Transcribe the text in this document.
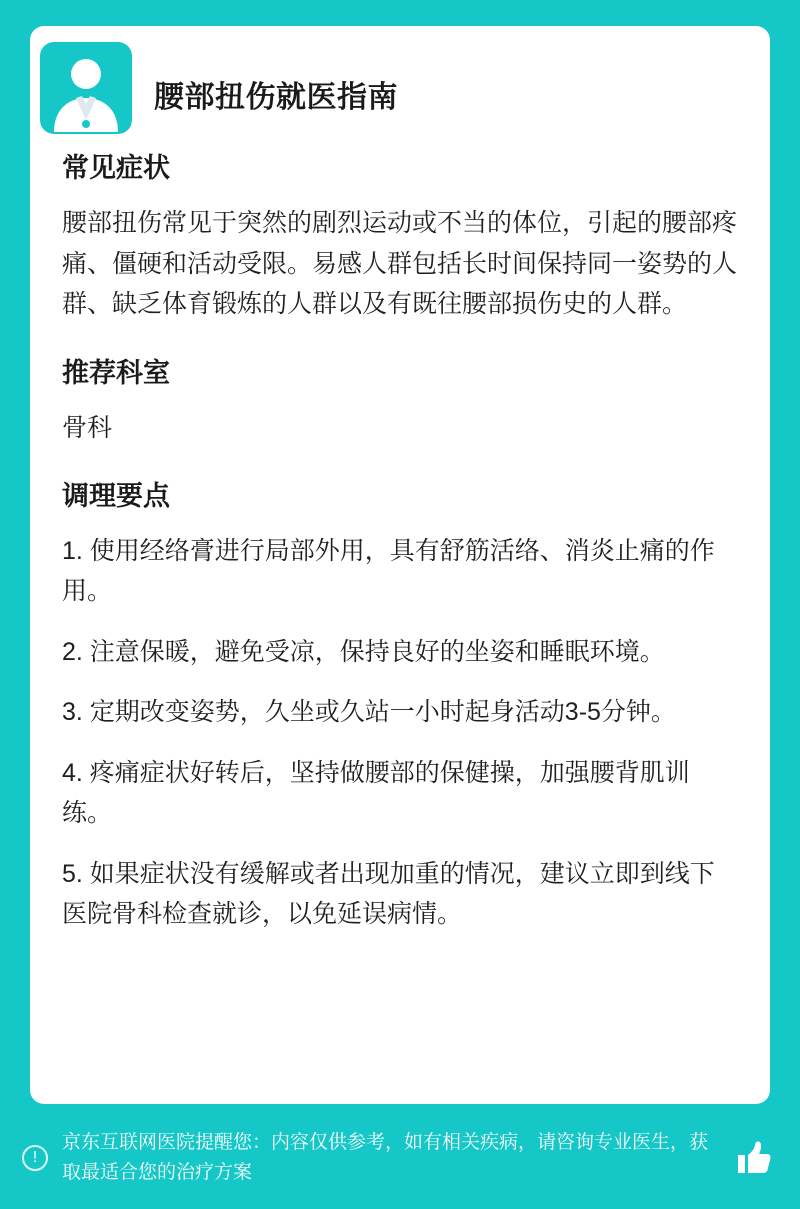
腰部扭伤就医指南
常见症状

腰部扭伤常见于突然的剧烈运动或不当的体位，引起的腰部疼痛、僵硬和活动受限。易感人群包括长时间保持同一姿势的人群、缺乏体育锻炼的人群以及有既往腰部损伤史的人群。

推荐科室

骨科

调理要点
1. 使用经络膏进行局部外用，具有舒筋活络、消炎止痛的作用。
2. 注意保暖，避免受凉，保持良好的坐姿和睡眠环境。
3. 定期改变姿势，久坐或久站一小时起身活动3-5分钟。
4. 疼痛症状好转后，坚持做腰部的保健操，加强腰背肌训练。
5. 如果症状没有缓解或者出现加重的情况，建议立即到线下医院骨科检查就诊，以免延误病情。
!
京东互联网医院提醒您：内容仅供参考，如有相关疾病，请咨询专业医生，获取最适合您的治疗方案
